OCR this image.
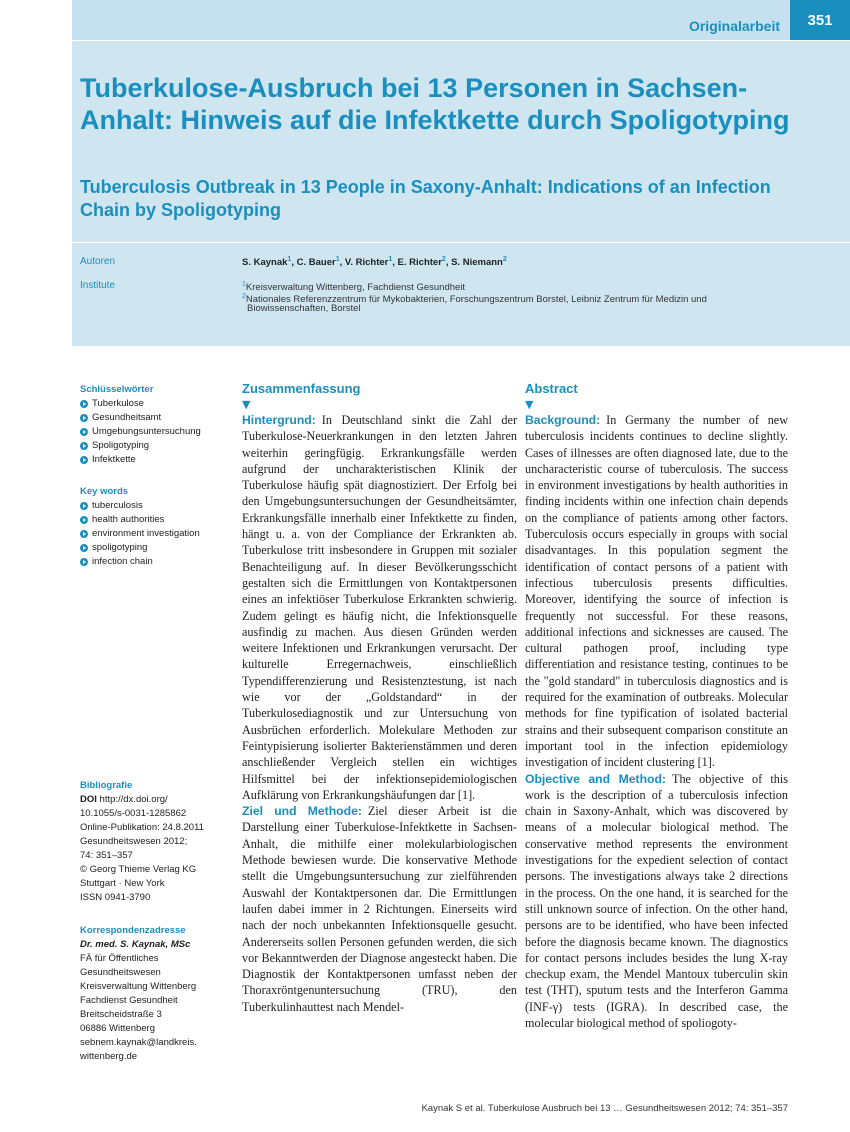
Originalarbeit	351
Tuberkulose-Ausbruch bei 13 Personen in Sachsen-Anhalt: Hinweis auf die Infektkette durch Spoligotyping
Tuberculosis Outbreak in 13 People in Saxony-Anhalt: Indications of an Infection Chain by Spoligotyping
Autoren	S. Kaynak$^1$, C. Bauer$^1$, V. Richter$^1$, E. Richter$^2$, S. Niemann$^2$
Institute	$^1$Kreisverwaltung Wittenberg, Fachdienst Gesundheit
$^2$Nationales Referenzzentrum für Mykobakterien, Forschungszentrum Borstel, Leibniz Zentrum für Medizin und
Biowissenschaften, Borstel
Schlüsselwörter
Tuberkulose
Gesundheitsamt
Umgebungsuntersuchung
Spoligotyping
Infektkette
Key words
tuberculosis
health authorities
environment investigation
spoligotyping
infection chain
Bibliografie
DOI http://dx.doi.org/
10.1055/s-0031-1285862
Online-Publikation: 24.8.2011
Gesundheitswesen 2012;
74: 351–357
© Georg Thieme Verlag KG
Stuttgart · New York
ISSN 0941-3790
Korrespondenzadresse
Dr. med. S. Kaynak, MSc
FÄ für Öffentliches
Gesundheitswesen
Kreisverwaltung Wittenberg
Fachdienst Gesundheit
Breitscheidstraße 3
06886 Wittenberg
sebnem.kaynak@landkreis.
wittenberg.de
Zusammenfassung
▼

Hintergrund: In Deutschland sinkt die Zahl der Tuberkulose-Neuerkrankungen in den letzten Jahren weiterhin geringfügig. Erkrankungsfälle werden aufgrund der uncharakteristischen Klinik der Tuberkulose häufig spät diagnostiziert. Der Erfolg bei den Umgebungsuntersuchungen der Gesundheitsämter, Erkrankungsfälle innerhalb einer Infektkette zu finden, hängt u. a. von der Compliance der Erkrankten ab. Tuberkulose tritt insbesondere in Gruppen mit sozialer Benachteiligung auf. In dieser Bevölkerungsschicht gestalten sich die Ermittlungen von Kontaktpersonen eines an infektiöser Tuberkulose Erkrankten schwierig. Zudem gelingt es häufig nicht, die Infektionsquelle ausfindig zu machen. Aus diesen Gründen werden weitere Infektionen und Erkrankungen verursacht. Der kulturelle Erregernachweis, einschließlich Typendifferenzierung und Resistenztestung, ist nach wie vor der „Goldstandard“ in der Tuberkulosediagnostik und zur Untersuchung von Ausbrüchen erforderlich. Molekulare Methoden zur Feintypisierung isolierter Bakterienstämmen und deren anschließender Vergleich stellen ein wichtiges Hilfsmittel bei der infektionsepidemiologischen Aufklärung von Erkrankungshäufungen dar [1].

Ziel und Methode: Ziel dieser Arbeit ist die Darstellung einer Tuberkulose-Infektkette in Sachsen-Anhalt, die mithilfe einer molekularbiologischen Methode bewiesen wurde. Die konservative Methode stellt die Umgebungsuntersuchung zur zielführenden Auswahl der Kontaktpersonen dar. Die Ermittlungen laufen dabei immer in 2 Richtungen. Einerseits wird nach der noch unbekannten Infektionsquelle gesucht. Andererseits sollen Personen gefunden werden, die sich vor Bekanntwerden der Diagnose angesteckt haben. Die Diagnostik der Kontaktpersonen umfasst neben der Thoraxröntgenuntersuchung (TRU), den Tuberkulinhauttest nach Mendel-

Abstract
▼

Background: In Germany the number of new tuberculosis incidents continues to decline slightly. Cases of illnesses are often diagnosed late, due to the uncharacteristic course of tuberculosis. The success in environment investigations by health authorities in finding incidents within one infection chain depends on the compliance of patients among other factors. Tuberculosis occurs especially in groups with social disadvantages. In this population segment the identification of contact persons of a patient with infectious tuberculosis presents difficulties. Moreover, identifying the source of infection is frequently not successful. For these reasons, additional infections and sicknesses are caused. The cultural pathogen proof, including type differentiation and resistance testing, continues to be the "gold standard" in tuberculosis diagnostics and is required for the examination of outbreaks. Molecular methods for fine typification of isolated bacterial strains and their subsequent comparison constitute an important tool in the infection epidemiology investigation of incident clustering [1].

Objective and Method: The objective of this work is the description of a tuberculosis infection chain in Saxony-Anhalt, which was discovered by means of a molecular biological method. The conservative method represents the environment investigations for the expedient selection of contact persons. The investigations always take 2 directions in the process. On the one hand, it is searched for the still unknown source of infection. On the other hand, persons are to be identified, who have been infected before the diagnosis became known. The diagnostics for contact persons includes besides the lung X-ray checkup exam, the Mendel Mantoux tuberculin skin test (THT), sputum tests and the Interferon Gamma (INF-γ) tests (IGRA). In described case, the molecular biological method of spoliogoty-

Kaynak S et al. Tuberkulose Ausbruch bei 13 … Gesundheitswesen 2012; 74: 351–357
